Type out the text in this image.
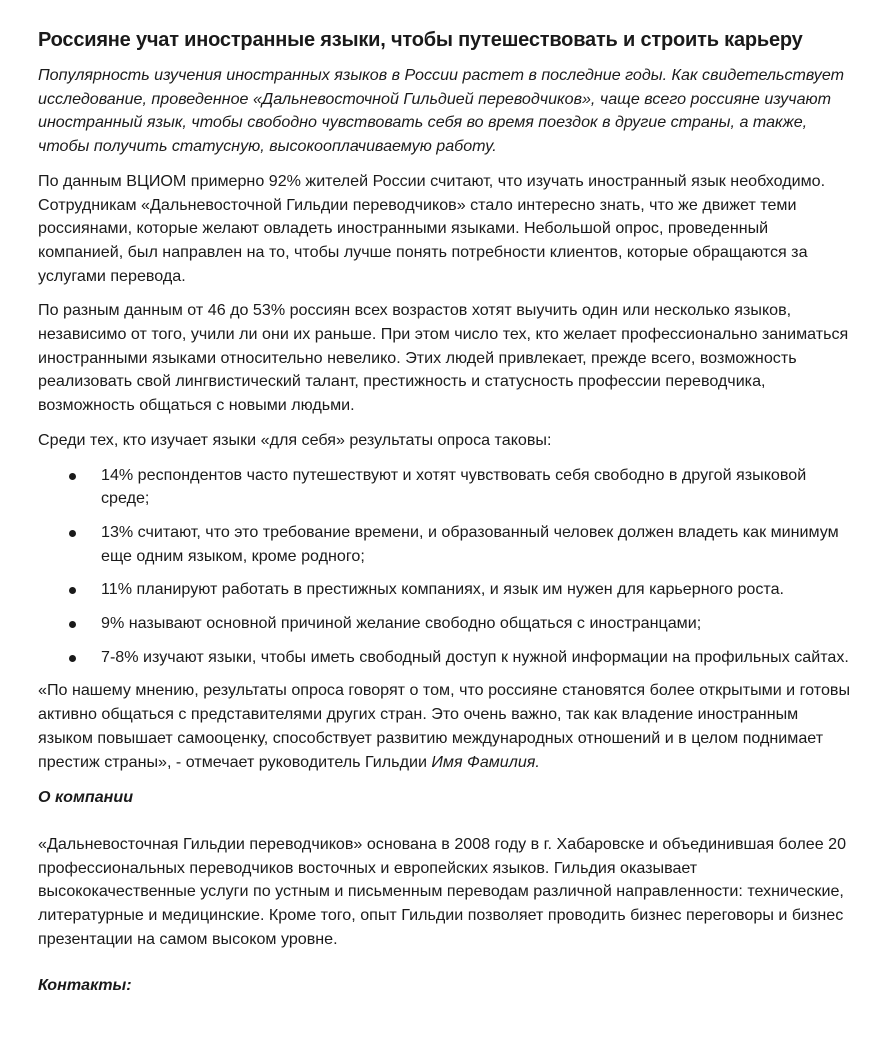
Россияне учат иностранные языки, чтобы путешествовать и строить карьеру

Популярность изучения иностранных языков в России растет в последние годы. Как свидетельствует исследование, проведенное «Дальневосточной Гильдией переводчиков», чаще всего россияне изучают иностранный язык, чтобы свободно чувствовать себя во время поездок в другие страны, а также, чтобы получить статусную, высокооплачиваемую работу.

По данным ВЦИОМ примерно 92% жителей России считают, что изучать иностранный язык необходимо. Сотрудникам «Дальневосточной Гильдии переводчиков» стало интересно знать, что же движет теми россиянами, которые желают овладеть иностранными языками. Небольшой опрос, проведенный компанией, был направлен на то, чтобы лучше понять потребности клиентов, которые обращаются за услугами перевода.

По разным данным от 46 до 53% россиян всех возрастов хотят выучить один или несколько языков, независимо от того, учили ли они их раньше. При этом число тех, кто желает профессионально заниматься иностранными языками относительно невелико. Этих людей привлекает, прежде всего, возможность реализовать свой лингвистический талант, престижность и статусность профессии переводчика, возможность общаться с новыми людьми.

Среди тех, кто изучает языки «для себя» результаты опроса таковы:

14% респондентов часто путешествуют и хотят чувствовать себя свободно в другой языковой среде;
13% считают, что это требование времени, и образованный человек должен владеть как минимум еще одним языком, кроме родного;
11% планируют работать в престижных компаниях, и язык им нужен для карьерного роста.
9% называют основной причиной желание свободно общаться с иностранцами;
7-8% изучают языки, чтобы иметь свободный доступ к нужной информации на профильных сайтах.

«По нашему мнению, результаты опроса говорят о том, что россияне становятся более открытыми и готовы активно общаться с представителями других стран. Это очень важно, так как владение иностранным языком повышает самооценку, способствует развитию международных отношений и в целом поднимает престиж страны», - отмечает руководитель Гильдии Имя Фамилия.

О компании

«Дальневосточная Гильдии переводчиков» основана в 2008 году в г. Хабаровске и объединившая более 20 профессиональных переводчиков восточных и европейских языков. Гильдия оказывает высококачественные услуги по устным и письменным переводам различной направленности: технические, литературные и медицинские. Кроме того, опыт Гильдии позволяет проводить бизнес переговоры и бизнес презентации на самом высоком уровне.

Контакты:
